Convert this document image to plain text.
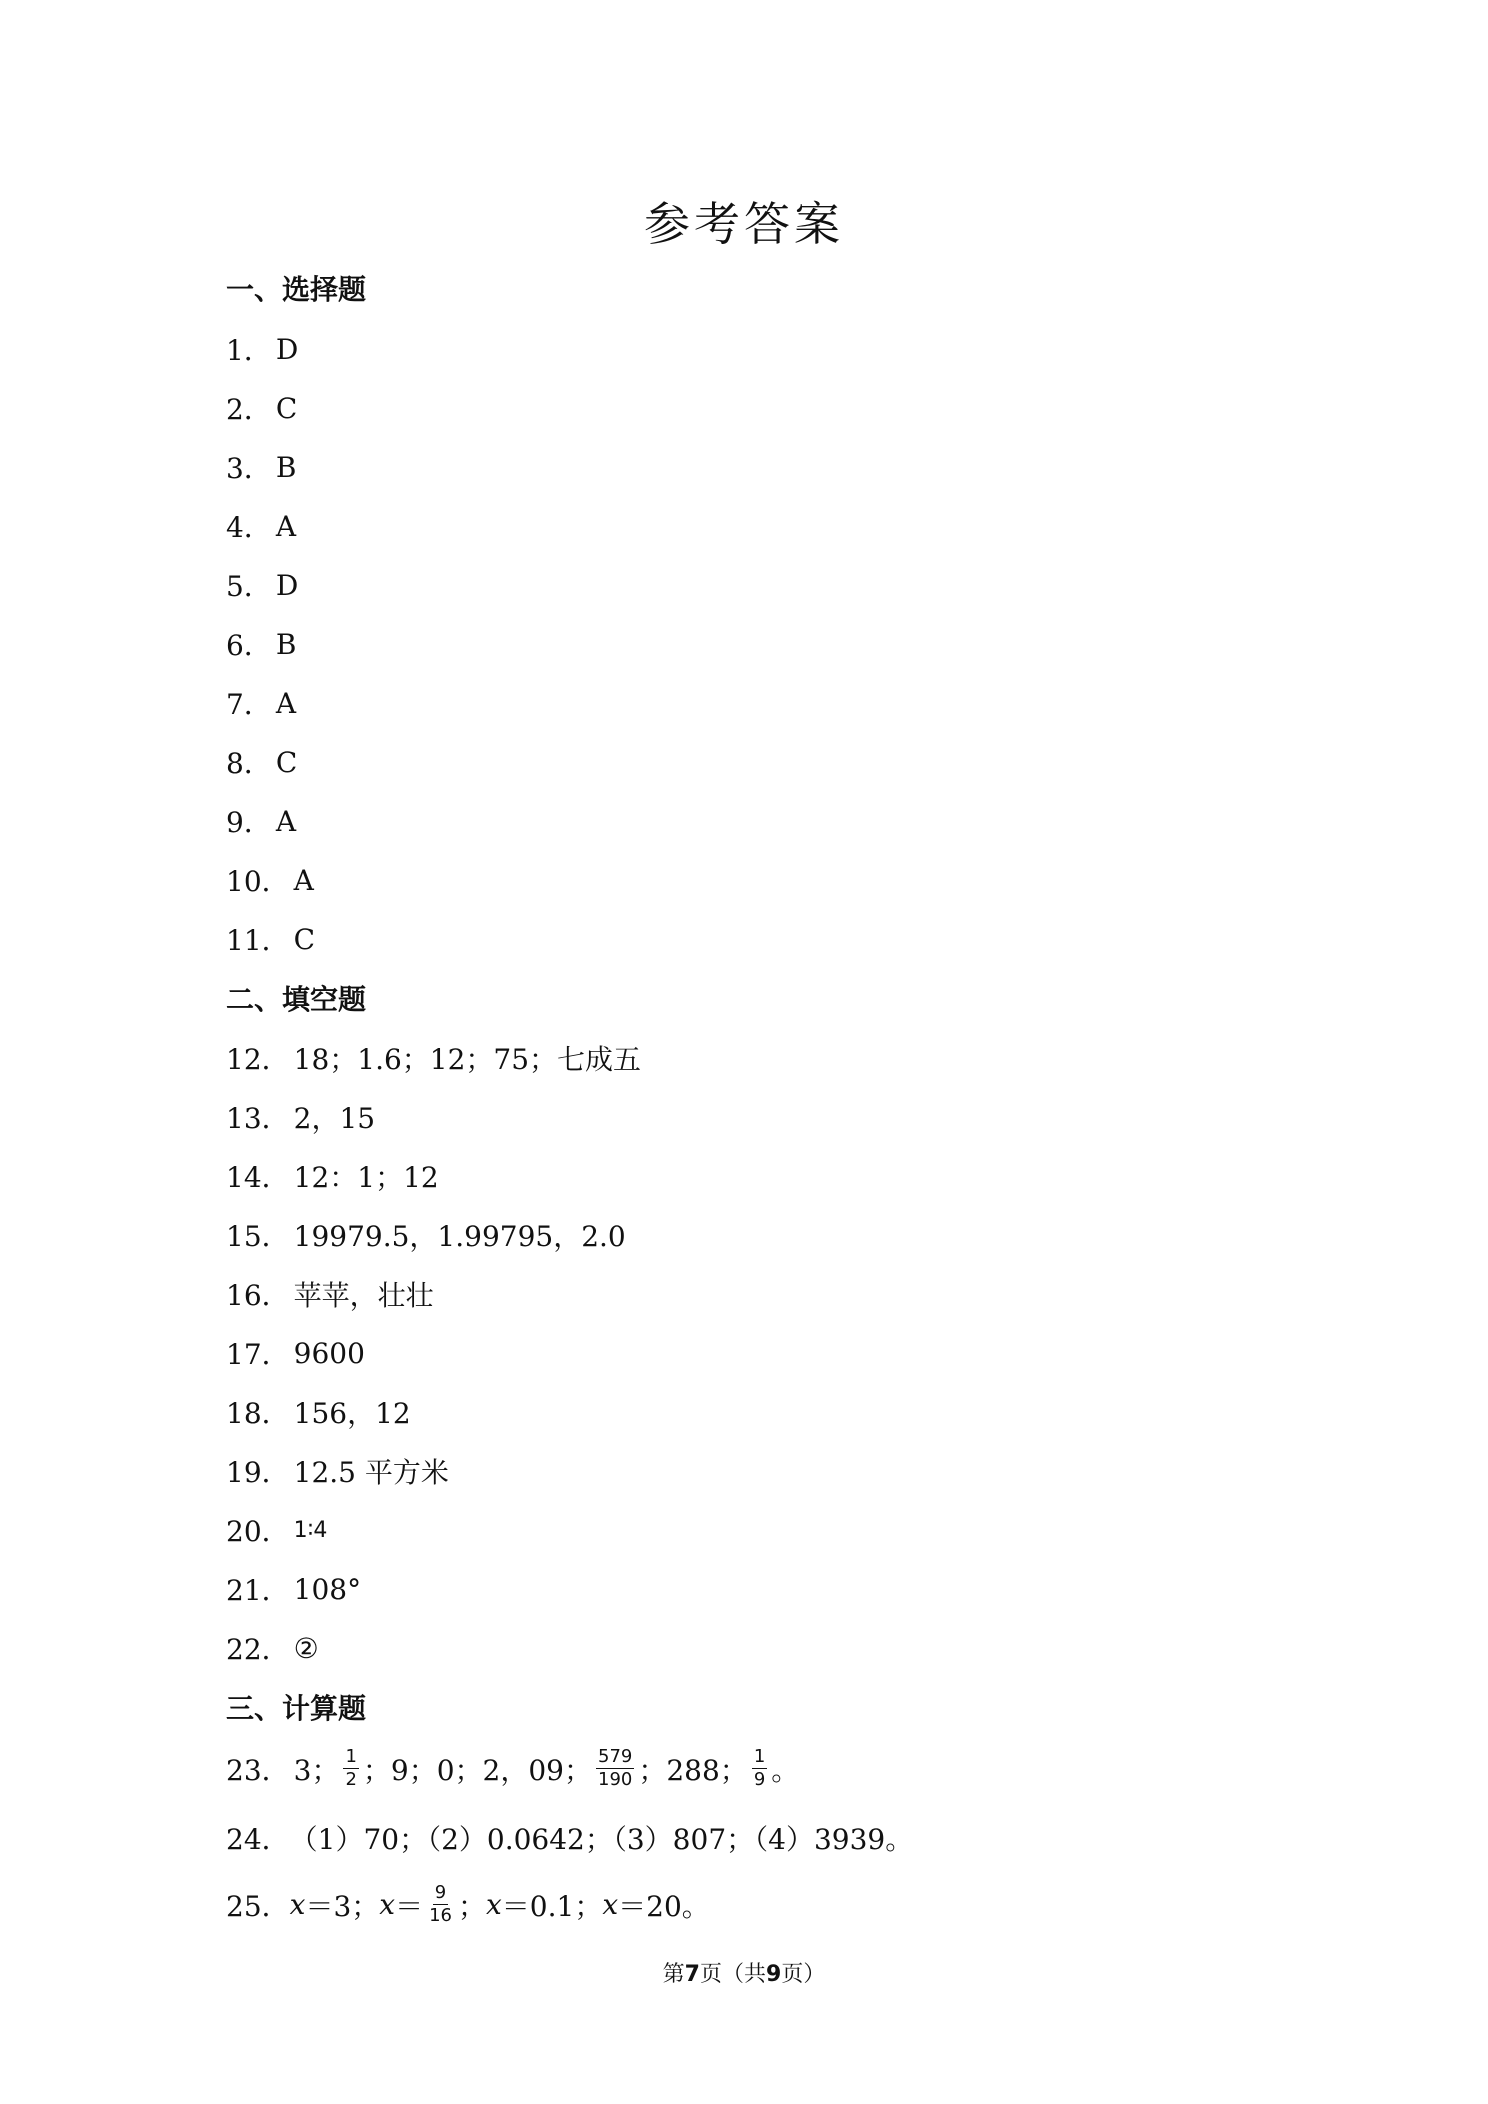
参考答案
一、选择题
1． D
2． C
3． B
4． A
5． D
6． B
7． A
8． C
9． A
10． A
11． C
二、填空题
12． 18；1.6；12；75；七成五
13． 2，15
14． 12：1；12
15． 19979.5，1.99795，2.0
16． 苹苹，壮壮
17． 9600
18． 156，12
19． 12.5 平方米
20． 1∶4
21． 108°
22． ②
三、计算题
23． 3； $\frac{1}{2}$ ；9；0；2，09； $\frac{579}{190}$ ；288； $\frac{1}{9}$ 。
24． （1）70；（2）0.0642；（3）807；（4）3939。
25． x ＝3； $x = \frac{9}{16}$ ； x ＝0.1； x ＝20。
第7页（共9页）
